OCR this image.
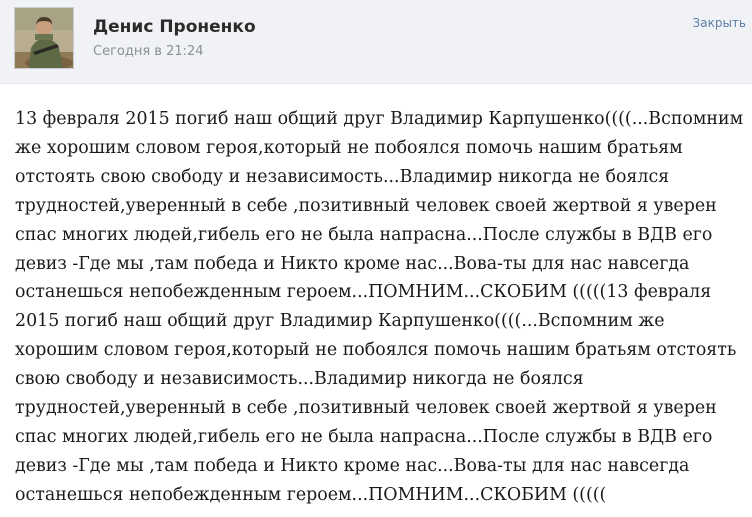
Денис Проненко
Сегодня в 21:24
Закрыть

13 февраля 2015 погиб наш общий друг Владимир Карпушенко((((...Вспомним же хорошим словом героя,который не побоялся помочь нашим братьям отстоять свою свободу и независимость...Владимир никогда не боялся трудностей,уверенный в себе ,позитивный человек своей жертвой я уверен спас многих людей,гибель его не была напрасна...После службы в ВДВ его девиз -Где мы ,там победа и Никто кроме нас...Вова-ты для нас навсегда останешься непобежденным героем...ПОМНИМ...СКОБИМ (((((13 февраля 2015 погиб наш общий друг Владимир Карпушенко((((...Вспомним же хорошим словом героя,который не побоялся помочь нашим братьям отстоять свою свободу и независимость...Владимир никогда не боялся трудностей,уверенный в себе ,позитивный человек своей жертвой я уверен спас многих людей,гибель его не была напрасна...После службы в ВДВ его девиз -Где мы ,там победа и Никто кроме нас...Вова-ты для нас навсегда останешься непобежденным героем...ПОМНИМ...СКОБИМ (((((
